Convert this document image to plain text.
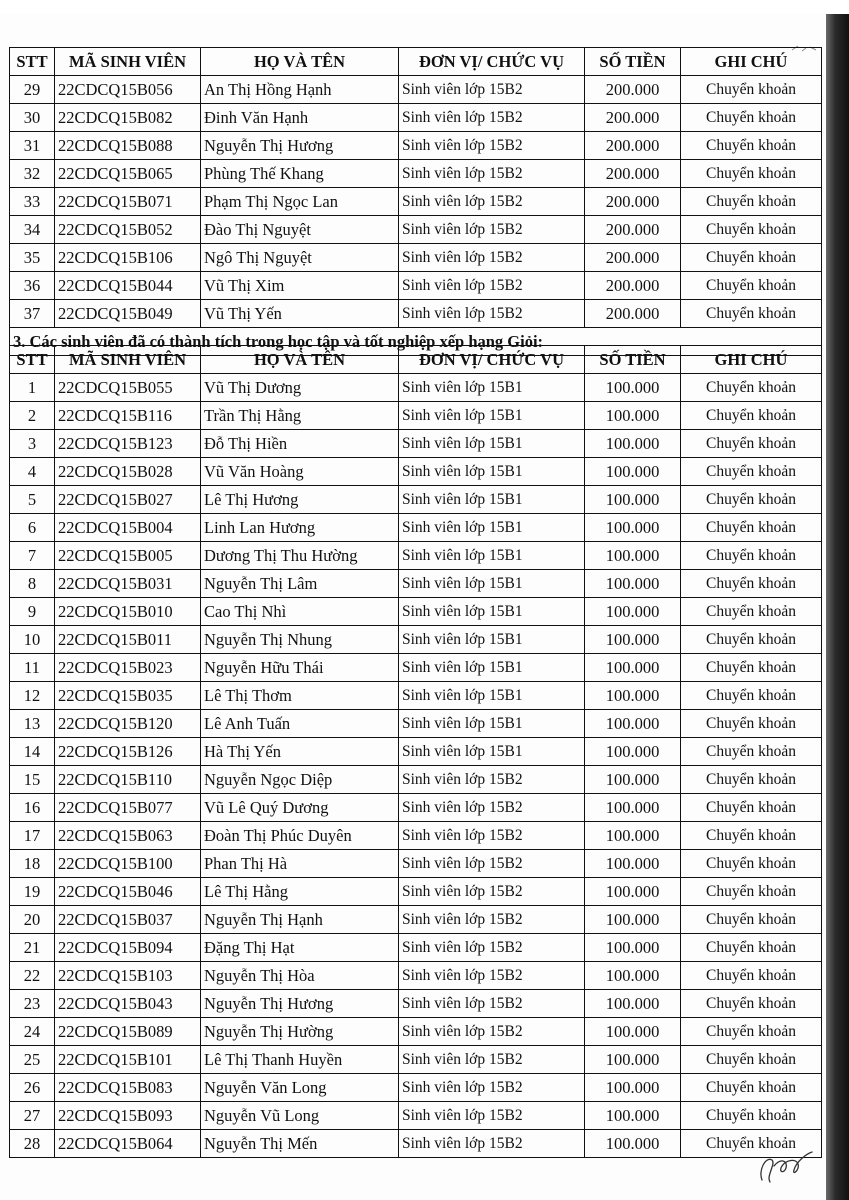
STT	MÃ SINH VIÊN	HỌ VÀ TÊN	ĐƠN VỊ/ CHỨC VỤ	SỐ TIỀN	GHI CHÚ
29	22CDCQ15B056	An Thị Hồng Hạnh	Sinh viên lớp 15B2	200.000	Chuyển khoản
30	22CDCQ15B082	Đinh Văn Hạnh	Sinh viên lớp 15B2	200.000	Chuyển khoản
31	22CDCQ15B088	Nguyễn Thị Hương	Sinh viên lớp 15B2	200.000	Chuyển khoản
32	22CDCQ15B065	Phùng Thế Khang	Sinh viên lớp 15B2	200.000	Chuyển khoản
33	22CDCQ15B071	Phạm Thị Ngọc Lan	Sinh viên lớp 15B2	200.000	Chuyển khoản
34	22CDCQ15B052	Đào Thị Nguyệt	Sinh viên lớp 15B2	200.000	Chuyển khoản
35	22CDCQ15B106	Ngô Thị Nguyệt	Sinh viên lớp 15B2	200.000	Chuyển khoản
36	22CDCQ15B044	Vũ Thị Xim	Sinh viên lớp 15B2	200.000	Chuyển khoản
37	22CDCQ15B049	Vũ Thị Yến	Sinh viên lớp 15B2	200.000	Chuyển khoản
3. Các sinh viên đã có thành tích trong học tập và tốt nghiệp xếp hạng Giỏi:					
STT	MÃ SINH VIÊN	HỌ VÀ TÊN	ĐƠN VỊ/ CHỨC VỤ	SỐ TIỀN	GHI CHÚ
1	22CDCQ15B055	Vũ Thị Dương	Sinh viên lớp 15B1	100.000	Chuyển khoản
2	22CDCQ15B116	Trần Thị Hằng	Sinh viên lớp 15B1	100.000	Chuyển khoản
3	22CDCQ15B123	Đỗ Thị Hiền	Sinh viên lớp 15B1	100.000	Chuyển khoản
4	22CDCQ15B028	Vũ Văn Hoàng	Sinh viên lớp 15B1	100.000	Chuyển khoản
5	22CDCQ15B027	Lê Thị Hương	Sinh viên lớp 15B1	100.000	Chuyển khoản
6	22CDCQ15B004	Linh Lan Hương	Sinh viên lớp 15B1	100.000	Chuyển khoản
7	22CDCQ15B005	Dương Thị Thu Hường	Sinh viên lớp 15B1	100.000	Chuyển khoản
8	22CDCQ15B031	Nguyễn Thị Lâm	Sinh viên lớp 15B1	100.000	Chuyển khoản
9	22CDCQ15B010	Cao Thị Nhì	Sinh viên lớp 15B1	100.000	Chuyển khoản
10	22CDCQ15B011	Nguyễn Thị Nhung	Sinh viên lớp 15B1	100.000	Chuyển khoản
11	22CDCQ15B023	Nguyễn Hữu Thái	Sinh viên lớp 15B1	100.000	Chuyển khoản
12	22CDCQ15B035	Lê Thị Thơm	Sinh viên lớp 15B1	100.000	Chuyển khoản
13	22CDCQ15B120	Lê Anh Tuấn	Sinh viên lớp 15B1	100.000	Chuyển khoản
14	22CDCQ15B126	Hà Thị Yến	Sinh viên lớp 15B1	100.000	Chuyển khoản
15	22CDCQ15B110	Nguyễn Ngọc Diệp	Sinh viên lớp 15B2	100.000	Chuyển khoản
16	22CDCQ15B077	Vũ Lê Quý Dương	Sinh viên lớp 15B2	100.000	Chuyển khoản
17	22CDCQ15B063	Đoàn Thị Phúc Duyên	Sinh viên lớp 15B2	100.000	Chuyển khoản
18	22CDCQ15B100	Phan Thị Hà	Sinh viên lớp 15B2	100.000	Chuyển khoản
19	22CDCQ15B046	Lê Thị Hằng	Sinh viên lớp 15B2	100.000	Chuyển khoản
20	22CDCQ15B037	Nguyễn Thị Hạnh	Sinh viên lớp 15B2	100.000	Chuyển khoản
21	22CDCQ15B094	Đặng Thị Hạt	Sinh viên lớp 15B2	100.000	Chuyển khoản
22	22CDCQ15B103	Nguyễn Thị Hòa	Sinh viên lớp 15B2	100.000	Chuyển khoản
23	22CDCQ15B043	Nguyễn Thị Hương	Sinh viên lớp 15B2	100.000	Chuyển khoản
24	22CDCQ15B089	Nguyễn Thị Hường	Sinh viên lớp 15B2	100.000	Chuyển khoản
25	22CDCQ15B101	Lê Thị Thanh Huyền	Sinh viên lớp 15B2	100.000	Chuyển khoản
26	22CDCQ15B083	Nguyễn Văn Long	Sinh viên lớp 15B2	100.000	Chuyển khoản
27	22CDCQ15B093	Nguyễn Vũ Long	Sinh viên lớp 15B2	100.000	Chuyển khoản
28	22CDCQ15B064	Nguyễn Thị Mến	Sinh viên lớp 15B2	100.000	Chuyển khoản
